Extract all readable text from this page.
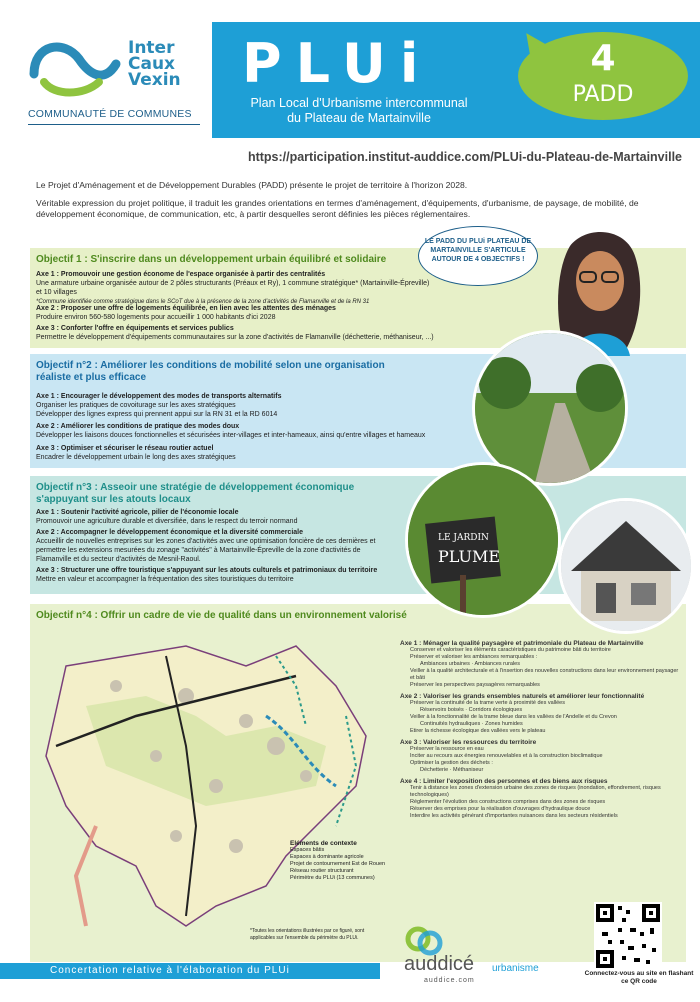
Inter
Caux
Vexin
COMMUNAUTÉ DE COMMUNES
PLUi
Plan Local d'Urbanisme intercommunal
du Plateau de Martainville
4
PADD
https://participation.institut-auddice.com/PLUi-du-Plateau-de-Martainville

Le Projet d'Aménagement et de Développement Durables (PADD) présente le projet de territoire à l'horizon 2028.

Véritable expression du projet politique, il traduit les grandes orientations en termes d'aménagement, d'équipements, d'urbanisme, de paysage, de mobilité, de développement économique, de communication, etc, à partir desquelles seront définies les pièces réglementaires.

Objectif 1 : S'inscrire dans un développement urbain équilibré et solidaire
Axe 1 : Promouvoir une gestion économe de l'espace organisée à partir des centralités
Une armature urbaine organisée autour de 2 pôles structurants (Préaux et Ry), 1 commune stratégique* (Martainville-Épreville) et 10 villages
*Commune identifiée comme stratégique dans le SCoT due à la présence de la zone d'activités de Flamanville et de la RN 31
Axe 2 : Proposer une offre de logements équilibrée, en lien avec les attentes des ménages
Produire environ 560-580 logements pour accueillir 1 000 habitants d'ici 2028
Axe 3 : Conforter l'offre en équipements et services publics
Permettre le développement d'équipements communautaires sur la zone d'activités de Flamanville (déchetterie, méthaniseur, ...)
Objectif n°2 : Améliorer les conditions de mobilité selon une organisation réaliste et plus efficace
Axe 1 : Encourager le développement des modes de transports alternatifs
Organiser les pratiques de covoiturage sur les axes stratégiques
Développer des lignes express qui prennent appui sur la RN 31 et la RD 6014
Axe 2 : Améliorer les conditions de pratique des modes doux
Développer les liaisons douces fonctionnelles et sécurisées inter-villages et inter-hameaux, ainsi qu'entre villages et hameaux
Axe 3 : Optimiser et sécuriser le réseau routier actuel
Encadrer le développement urbain le long des axes stratégiques
Objectif n°3 : Asseoir une stratégie de développement économique s'appuyant sur les atouts locaux
Axe 1 : Soutenir l'activité agricole, pilier de l'économie locale
Promouvoir une agriculture durable et diversifiée, dans le respect du terroir normand
Axe 2 : Accompagner le développement économique et la diversité commerciale
Accueillir de nouvelles entreprises sur les zones d'activités avec une optimisation foncière de ces dernières et permettre les extensions mesurées du zonage "activités" à Martainville-Épreville de la zone d'activités de Flamanville et du secteur d'activités de Mesnil-Raoul.
Axe 3 : Structurer une offre touristique s'appuyant sur les atouts culturels et patrimoniaux du territoire
Mettre en valeur et accompagner la fréquentation des sites touristiques du territoire
Objectif n°4 : Offrir un cadre de vie de qualité dans un environnement valorisé
Axe 1 : Ménager la qualité paysagère et patrimoniale du Plateau de Martainville
Conserver et valoriser les éléments caractéristiques du patrimoine bâti du territoire
Préserver et valoriser les ambiances remarquables :
Ambiances urbaines · Ambiances rurales
Veiller à la qualité architecturale et à l'insertion des nouvelles constructions dans leur environnement paysager et bâti
Préserver les perspectives paysagères remarquables
Axe 2 : Valoriser les grands ensembles naturels et améliorer leur fonctionnalité
Préserver la continuité de la trame verte à proximité des vallées
Réservoirs boisés · Corridors écologiques
Veiller à la fonctionnalité de la trame bleue dans les vallées de l'Andelle et du Crevon
Continuités hydrauliques · Zones humides
Etirer la richesse écologique des vallées vers le plateau
Axe 3 : Valoriser les ressources du territoire
Préserver la ressource en eau
Inciter au recours aux énergies renouvelables et à la construction bioclimatique
Optimiser la gestion des déchets :
Déchetterie · Méthaniseur
Axe 4 : Limiter l'exposition des personnes et des biens aux risques
Tenir à distance les zones d'extension urbaine des zones de risques (inondation, effondrement, risques technologiques)
Réglementer l'évolution des constructions comprises dans des zones de risques
Réserver des emprises pour la réalisation d'ouvrages d'hydraulique douce
Interdire les activités générant d'importantes nuisances dans les secteurs résidentiels
Eléments de contexte
Espaces bâtis
Espaces à dominante agricole
Projet de contournement Est de Rouen
Réseau routier structurant
Périmètre du PLUi (13 communes)
*Toutes les orientations illustrées par ce figuré, sont applicables sur l'ensemble du périmètre du PLUi.
LE PADD DU PLUi PLATEAU DE MARTAINVILLE S'ARTICULE AUTOUR DE 4 OBJECTIFS !
LE JARDIN
PLUME
Concertation relative à l'élaboration du PLUi	auddicé urbanisme
auddice.com
Connectez-vous au site en flashant ce QR code
